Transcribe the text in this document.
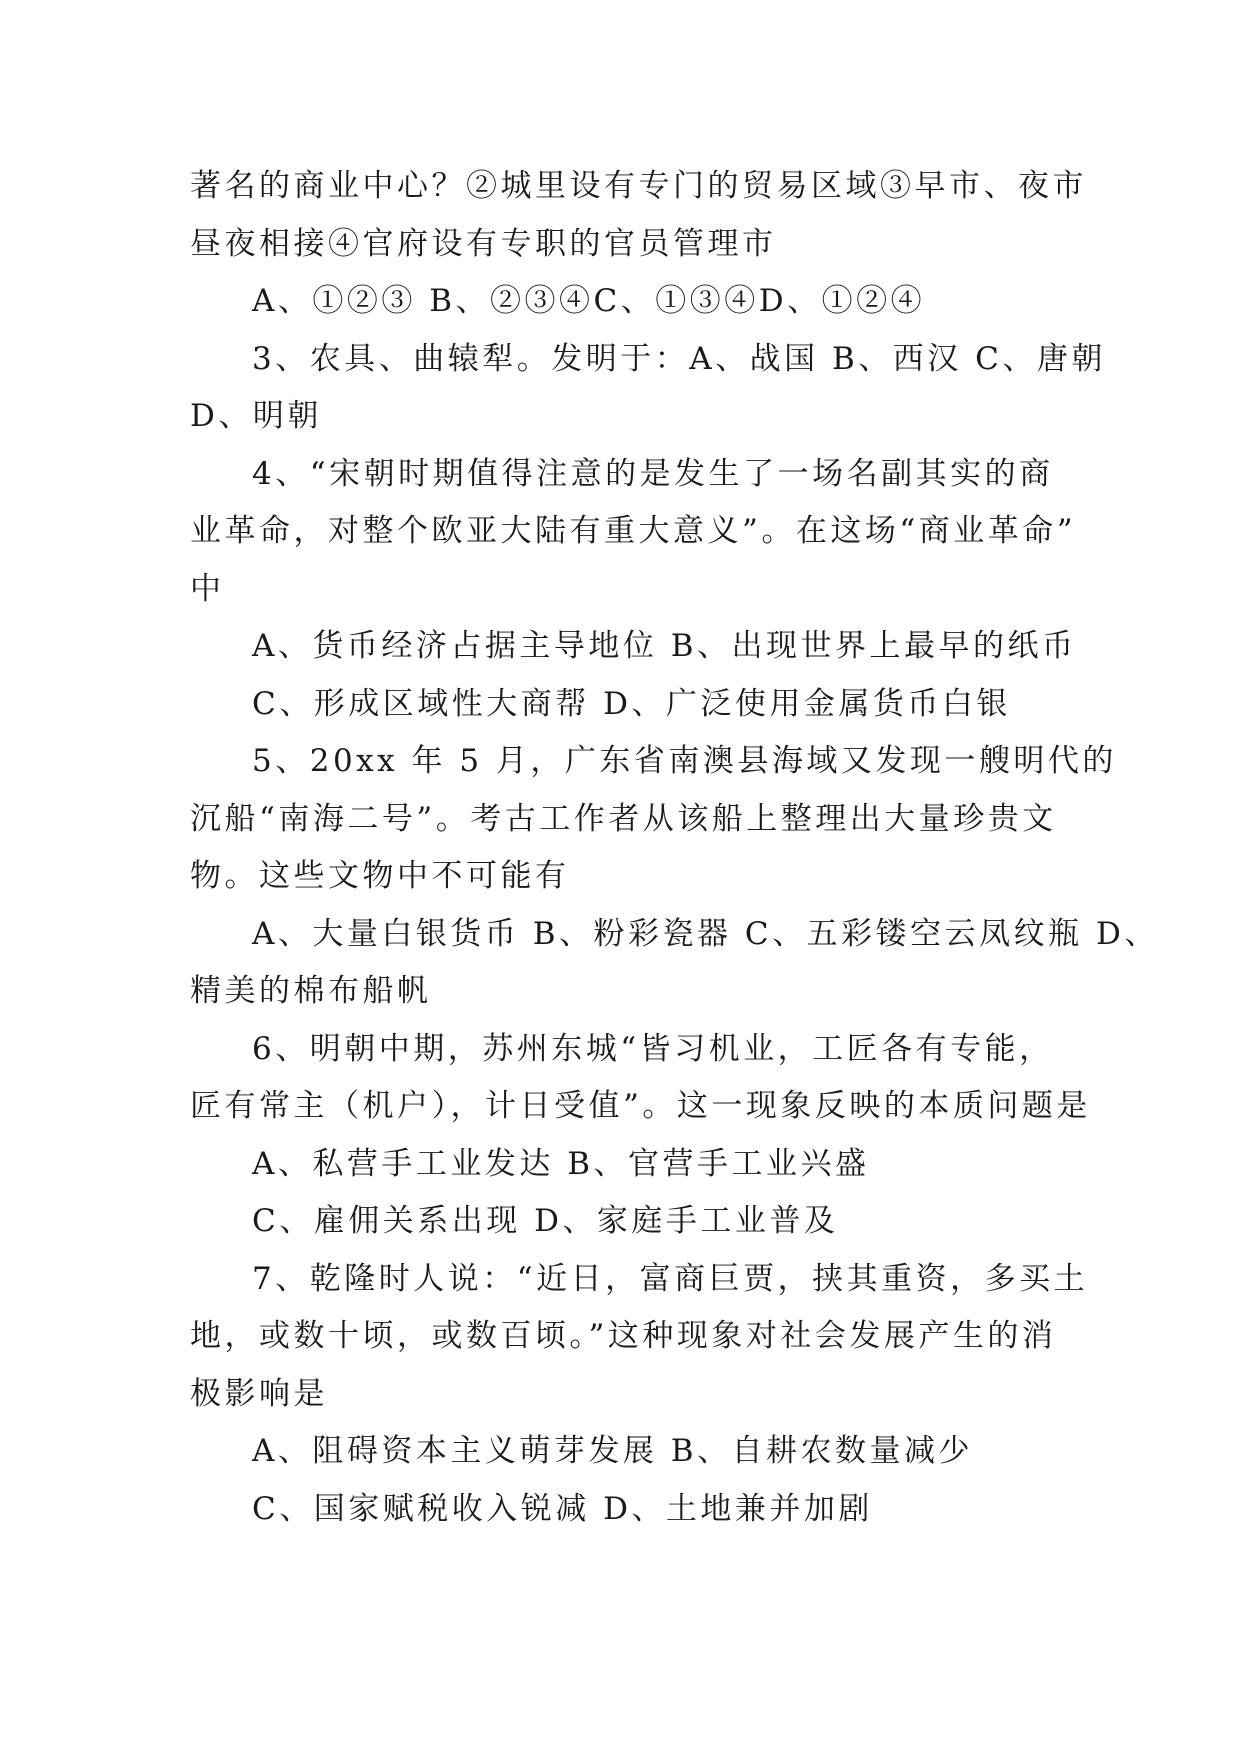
著名的商业中心？②城里设有专门的贸易区域③早市、夜市
昼夜相接④官府设有专职的官员管理市
A、①②③ B、②③④C、①③④D、①②④
3、农具、曲辕犁。发明于：A、战国 B、西汉 C、唐朝
D、明朝
4、“宋朝时期值得注意的是发生了一场名副其实的商
业革命，对整个欧亚大陆有重大意义”。在这场“商业革命”
中
A、货币经济占据主导地位 B、出现世界上最早的纸币
C、形成区域性大商帮 D、广泛使用金属货币白银
5、20xx 年 5 月，广东省南澳县海域又发现一艘明代的
沉船“南海二号”。考古工作者从该船上整理出大量珍贵文
物。这些文物中不可能有
A、大量白银货币 B、粉彩瓷器 C、五彩镂空云凤纹瓶 D、
精美的棉布船帆
6、明朝中期，苏州东城“皆习机业，工匠各有专能，
匠有常主（机户），计日受值”。这一现象反映的本质问题是
A、私营手工业发达 B、官营手工业兴盛
C、雇佣关系出现 D、家庭手工业普及
7、乾隆时人说：“近日，富商巨贾，挟其重资，多买土
地，或数十顷，或数百顷。”这种现象对社会发展产生的消
极影响是
A、阻碍资本主义萌芽发展 B、自耕农数量减少
C、国家赋税收入锐减 D、土地兼并加剧
